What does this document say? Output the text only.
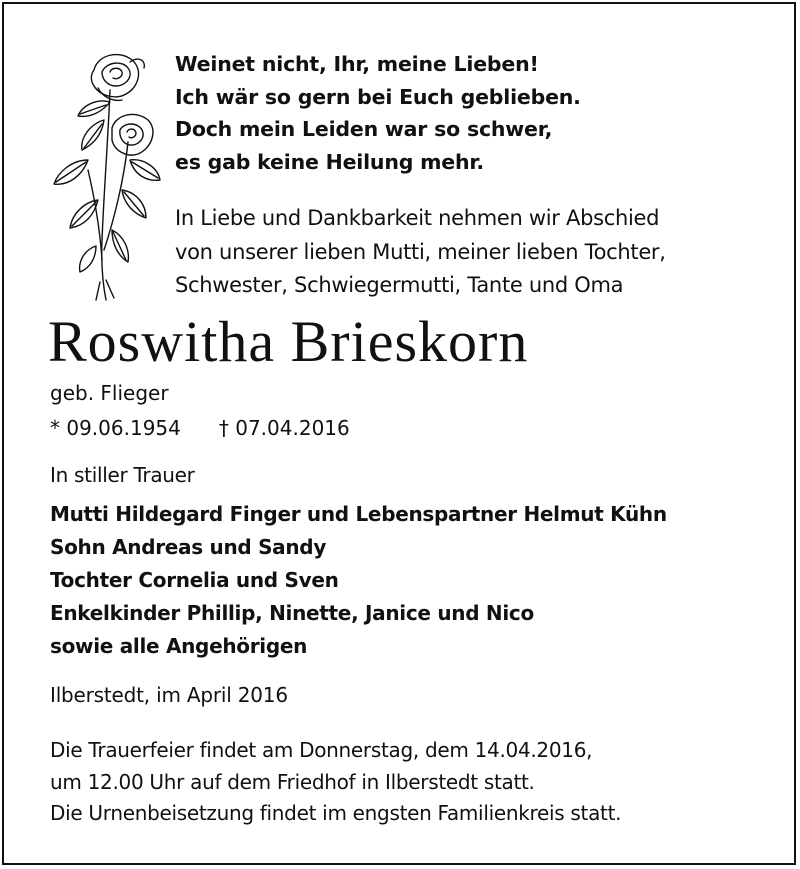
Weinet nicht, Ihr, meine Lieben!
Ich wär so gern bei Euch geblieben.
Doch mein Leiden war so schwer,
es gab keine Heilung mehr.
In Liebe und Dankbarkeit nehmen wir Abschied
von unserer lieben Mutti, meiner lieben Tochter,
Schwester, Schwiegermutti, Tante und Oma
Roswitha Brieskorn
geb. Flieger
* 09.06.1954 † 07.04.2016
In stiller Trauer
Mutti Hildegard Finger und Lebenspartner Helmut Kühn
Sohn Andreas und Sandy
Tochter Cornelia und Sven
Enkelkinder Phillip, Ninette, Janice und Nico
sowie alle Angehörigen
Ilberstedt, im April 2016
Die Trauerfeier findet am Donnerstag, dem 14.04.2016,
um 12.00 Uhr auf dem Friedhof in Ilberstedt statt.
Die Urnenbeisetzung findet im engsten Familienkreis statt.
